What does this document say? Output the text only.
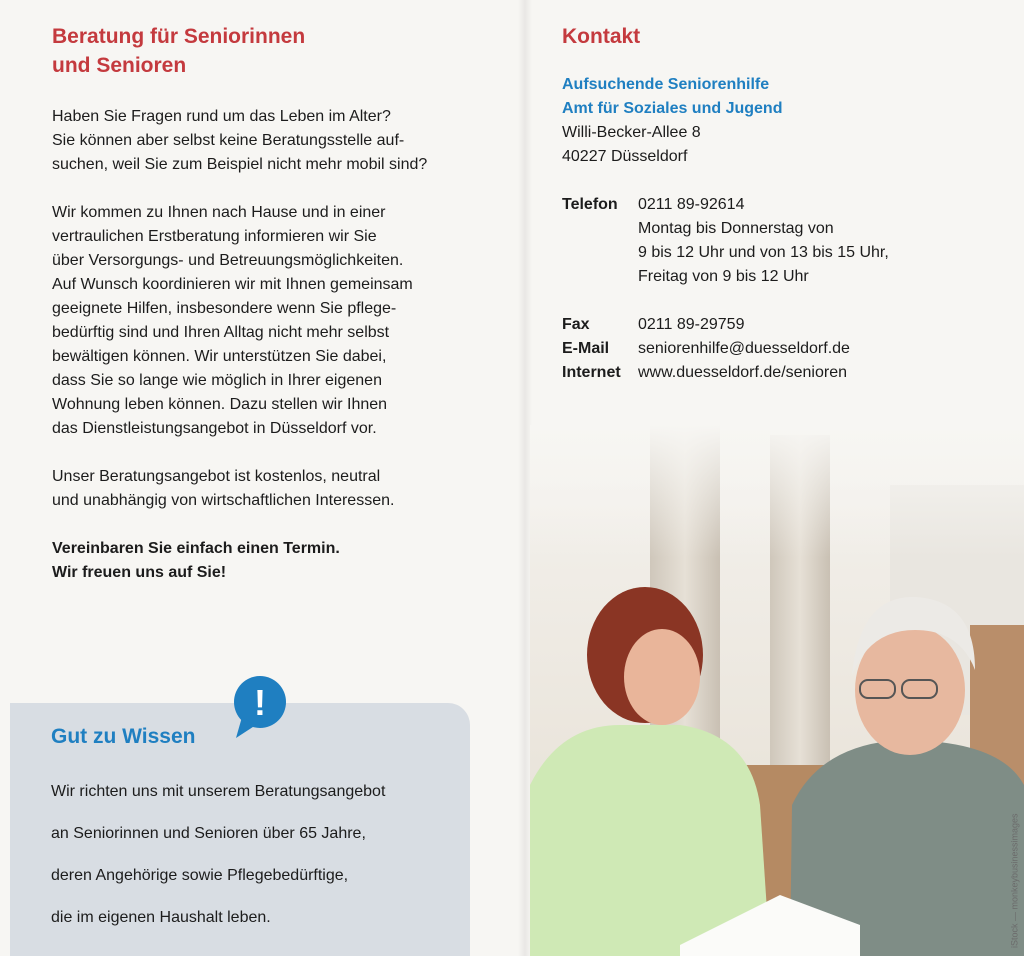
Beratung für Seniorinnen
und Senioren
Haben Sie Fragen rund um das Leben im Alter?
Sie können aber selbst keine Beratungsstelle auf-
suchen, weil Sie zum Beispiel nicht mehr mobil sind?
Wir kommen zu Ihnen nach Hause und in einer
vertraulichen Erstberatung informieren wir Sie
über Versorgungs- und Betreuungsmöglichkeiten.
Auf Wunsch koordinieren wir mit Ihnen gemeinsam
geeignete Hilfen, insbesondere wenn Sie pflege-
bedürftig sind und Ihren Alltag nicht mehr selbst
bewältigen können. Wir unterstützen Sie dabei,
dass Sie so lange wie möglich in Ihrer eigenen
Wohnung leben können. Dazu stellen wir Ihnen
das Dienstleistungsangebot in Düsseldorf vor.
Unser Beratungsangebot ist kostenlos, neutral
und unabhängig von wirtschaftlichen Interessen.
Vereinbaren Sie einfach einen Termin.
Wir freuen uns auf Sie!
Gut zu Wissen
Wir richten uns mit unserem Beratungsangebot
an Seniorinnen und Senioren über 65 Jahre,
deren Angehörige sowie Pflegebedürftige,
die im eigenen Haushalt leben.
!
Kontakt
Aufsuchende Seniorenhilfe
Amt für Soziales und Jugend
Willi-Becker-Allee 8
40227 Düsseldorf
Telefon	0211 89-92614
Montag bis Donnerstag von
9 bis 12 Uhr und von 13 bis 15 Uhr,
Freitag von 9 bis 12 Uhr
Fax	0211 89-29759
E-Mail	seniorenhilfe@duesseldorf.de
Internet	www.duesseldorf.de/senioren
iStock — monkeybusinessimages
